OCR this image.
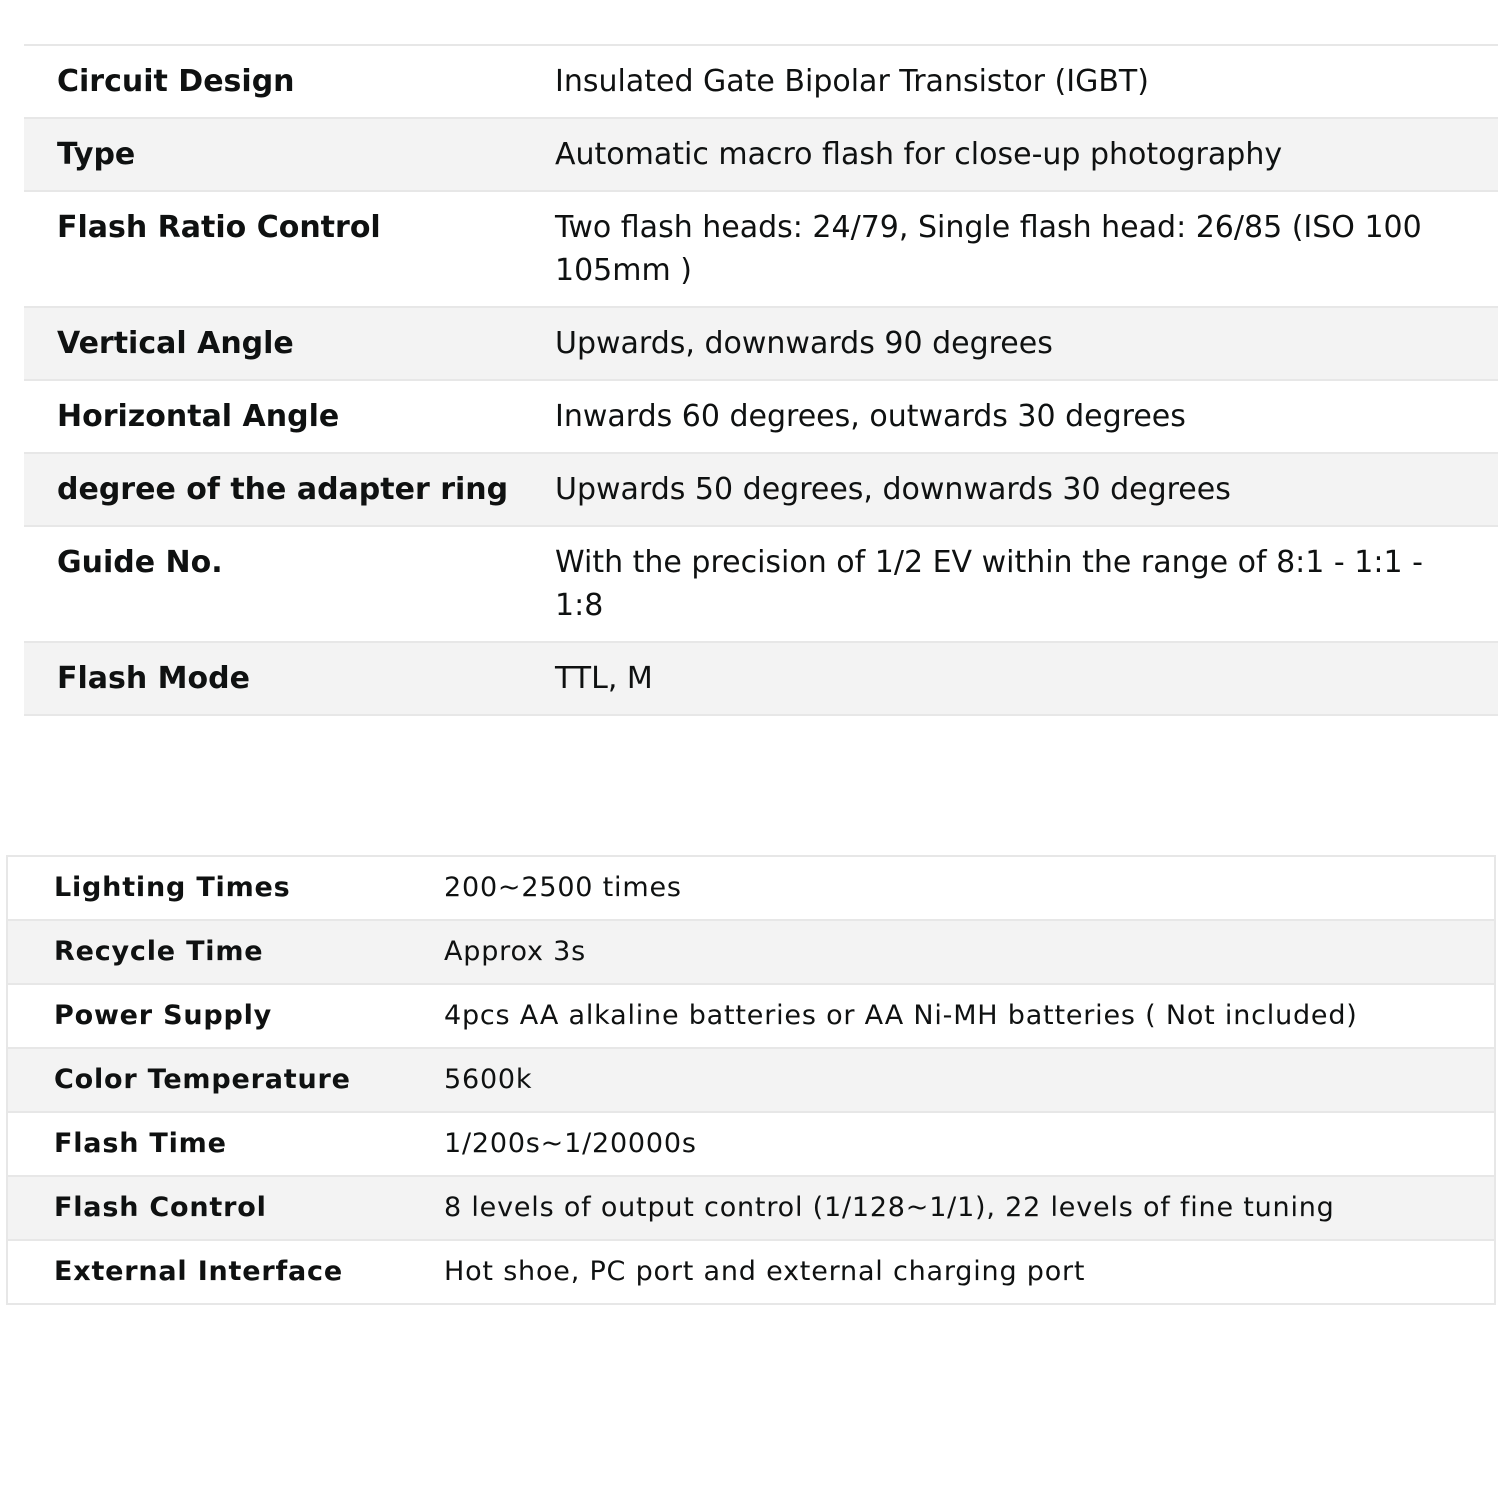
Circuit Design	Insulated Gate Bipolar Transistor (IGBT)
Type	Automatic macro flash for close-up photography
Flash Ratio Control	Two flash heads: 24/79, Single flash head: 26/85 (ISO 100 105mm )
Vertical Angle	Upwards, downwards 90 degrees
Horizontal Angle	Inwards 60 degrees, outwards 30 degrees
degree of the adapter ring	Upwards 50 degrees, downwards 30 degrees
Guide No.	With the precision of 1/2 EV within the range of 8:1 - 1:1 - 1:8
Flash Mode	TTL, M
Lighting Times	200~2500 times
Recycle Time	Approx 3s
Power Supply	4pcs AA alkaline batteries or AA Ni-MH batteries ( Not included)
Color Temperature	5600k
Flash Time	1/200s~1/20000s
Flash Control	8 levels of output control (1/128~1/1), 22 levels of fine tuning
External Interface	Hot shoe, PC port and external charging port
